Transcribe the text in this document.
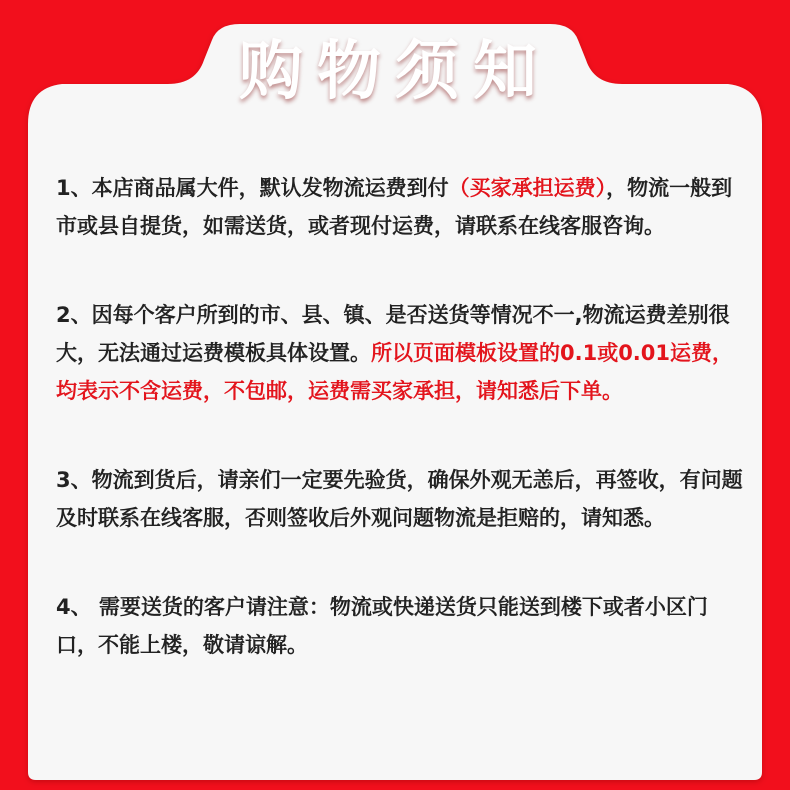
购物须知
1、本店商品属大件，默认发物流运费到付（买家承担运费），物流一般到市或县自提货，如需送货，或者现付运费，请联系在线客服咨询。
2、因每个客户所到的市、县、镇、是否送货等情况不一,物流运费差别很大，无法通过运费模板具体设置。所以页面模板设置的0.1或0.01运费，均表示不含运费，不包邮，运费需买家承担，请知悉后下单。
3、物流到货后，请亲们一定要先验货，确保外观无恙后，再签收，有问题及时联系在线客服，否则签收后外观问题物流是拒赔的，请知悉。
4、 需要送货的客户请注意：物流或快递送货只能送到楼下或者小区门口，不能上楼，敬请谅解。
